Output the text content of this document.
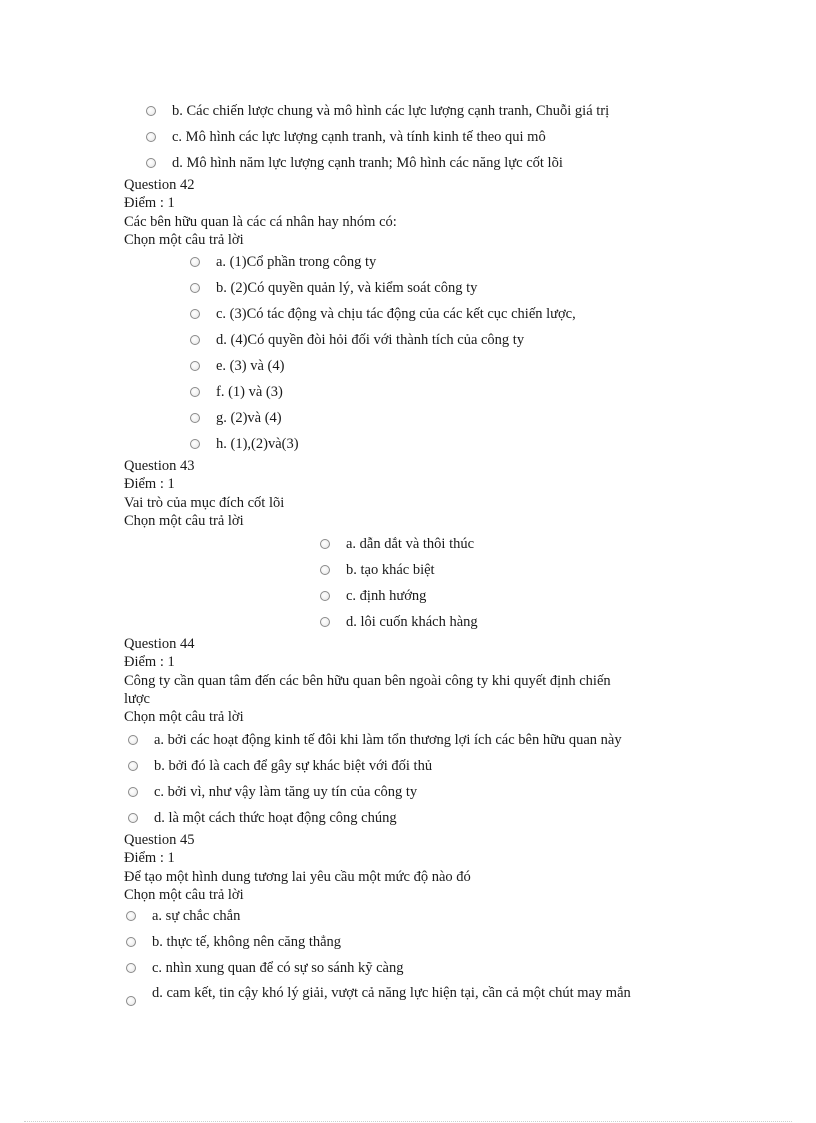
b. Các chiến lược chung và mô hình các lực lượng cạnh tranh, Chuỗi giá trị
c. Mô hình các lực lượng cạnh tranh, và tính kinh tế theo qui mô
d. Mô hình năm lực lượng cạnh tranh; Mô hình các năng lực cốt lõi
Question 42
Điểm : 1
Các bên hữu quan là các cá nhân hay nhóm có:
Chọn một câu trả lời
a. (1)Cổ phần trong công ty
b. (2)Có quyền quản lý, và kiểm soát công ty
c. (3)Có tác động và chịu tác động của các kết cục chiến lược,
d. (4)Có quyền đòi hỏi đối với thành tích của công ty
e. (3) và (4)
f. (1) và (3)
g. (2)và (4)
h. (1),(2)và(3)
Question 43
Điểm : 1
Vai trò của mục đích cốt lõi
Chọn một câu trả lời
a. dẫn dắt và thôi thúc
b. tạo khác biệt
c. định hướng
d. lôi cuốn khách hàng
Question 44
Điểm : 1
Công ty cần quan tâm đến các bên hữu quan bên ngoài công ty khi quyết định chiến
lược
Chọn một câu trả lời
a. bởi các hoạt động kinh tế đôi khi làm tổn thương lợi ích các bên hữu quan này
b. bởi đó là cach để gây sự khác biệt với đối thủ
c. bởi vì, như vậy làm tăng uy tín của công ty
d. là một cách thức hoạt động công chúng
Question 45
Điểm : 1
Để tạo một hình dung tương lai yêu cầu một mức độ nào đó
Chọn một câu trả lời
a. sự chắc chắn
b. thực tế, không nên căng thẳng
c. nhìn xung quan để có sự so sánh kỹ càng
d. cam kết, tin cậy khó lý giải, vượt cả năng lực hiện tại, cần cả một chút may mắn
